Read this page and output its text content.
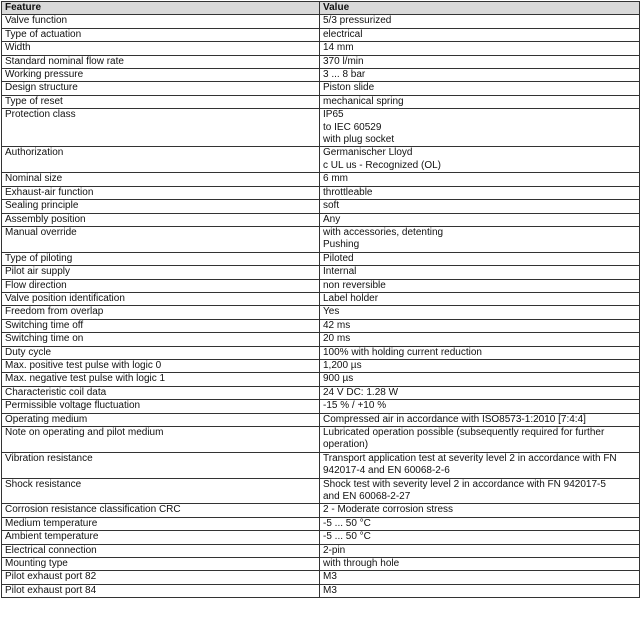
Feature	Value
Valve function	5/3 pressurized

Type of actuation	electrical

Width	14 mm

Standard nominal flow rate	370 l/min

Working pressure	3 ... 8 bar

Design structure	Piston slide

Type of reset	mechanical spring

Protection class	IP65
to IEC 60529
with plug socket

Authorization	Germanischer Lloyd
c UL us - Recognized (OL)

Nominal size	6 mm

Exhaust-air function	throttleable

Sealing principle	soft

Assembly position	Any

Manual override	with accessories, detenting
Pushing

Type of piloting	Piloted

Pilot air supply	Internal

Flow direction	non reversible

Valve position identification	Label holder

Freedom from overlap	Yes

Switching time off	42 ms

Switching time on	20 ms

Duty cycle	100% with holding current reduction

Max. positive test pulse with logic 0	1,200 µs

Max. negative test pulse with logic 1	900 µs

Characteristic coil data	24 V DC: 1.28 W

Permissible voltage fluctuation	-15 % / +10 %

Operating medium	Compressed air in accordance with ISO8573-1:2010 [7:4:4]

Note on operating and pilot medium	Lubricated operation possible (subsequently required for further
operation)

Vibration resistance	Transport application test at severity level 2 in accordance with FN
942017-4 and EN 60068-2-6

Shock resistance	Shock test with severity level 2 in accordance with FN 942017-5
and EN 60068-2-27

Corrosion resistance classification CRC	2 - Moderate corrosion stress

Medium temperature	-5 ... 50 °C

Ambient temperature	-5 ... 50 °C

Electrical connection	2-pin

Mounting type	with through hole

Pilot exhaust port 82	M3

Pilot exhaust port 84	M3
